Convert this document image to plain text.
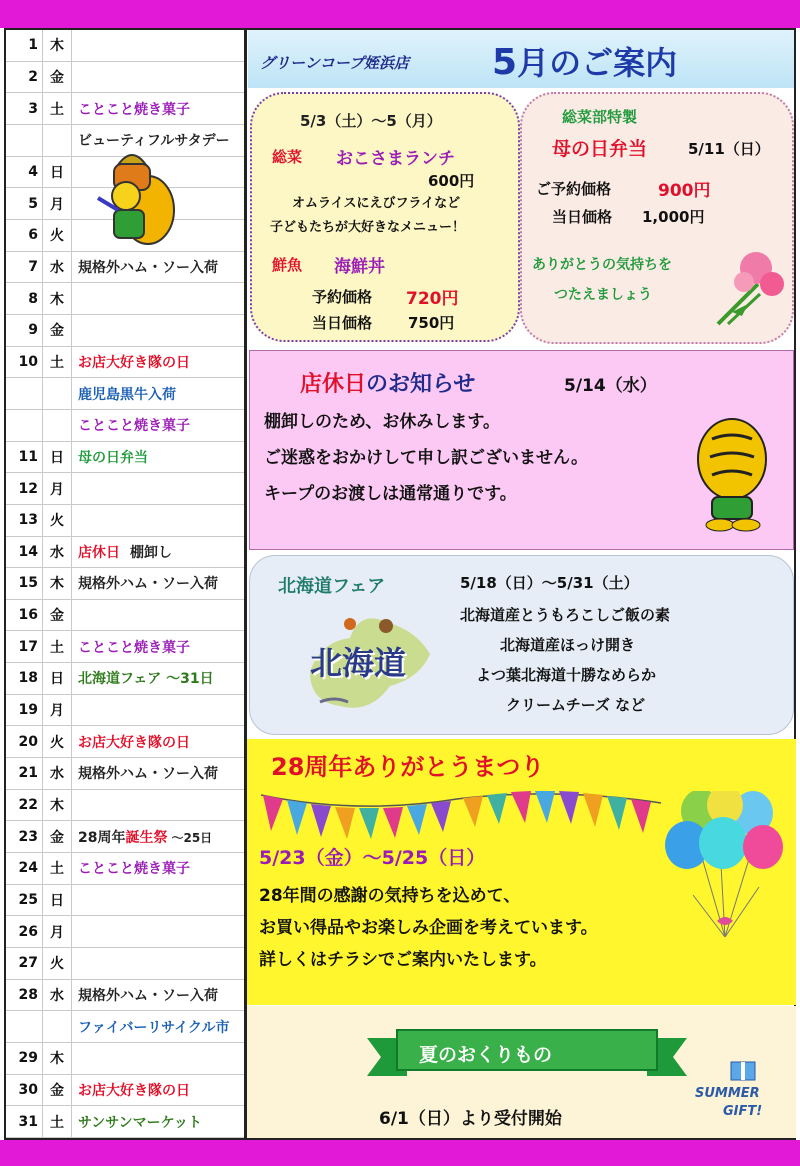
1 木
2 金
3 土	ことこと焼き菓子
ビューティフルサタデー
4 日
5 月
6 火
7 水	規格外ハム・ソー入荷
8 木
9 金
10 土	お店大好き隊の日
鹿児島黒牛入荷
ことこと焼き菓子
11 日	母の日弁当
12 月
13 火
14 水	店休日 棚卸し
15 木	規格外ハム・ソー入荷
16 金
17 土	ことこと焼き菓子
18 日	北海道フェア ～31日
19 月
20 火	お店大好き隊の日
21 水	規格外ハム・ソー入荷
22 木
23 金	28周年誕生祭 ～25日
24 土	ことこと焼き菓子
25 日
26 月
27 火
28 水	規格外ハム・ソー入荷
ファイバーリサイクル市
29 木
30 金	お店大好き隊の日
31 土	サンサンマーケット
グリーンコープ姪浜店 5月のご案内
5/3（土）～5（月）
総菜 おこさまランチ
600円
オムライスにえびフライなど
子どもたちが大好きなメニュー！
鮮魚 海鮮丼
予約価格 720円
当日価格 750円
総菜部特製
母の日弁当	5/11（日）
ご予約価格	900円
当日価格 1,000円
ありがとうの気持ちを
つたえましょう
店休日のお知らせ	5/14（水）
棚卸しのため、お休みします。
ご迷惑をおかけして申し訳ございません。
キープのお渡しは通常通りです。
北海道フェア	5/18（日）～5/31（土）
北海道産とうもろこしご飯の素
北海道産ほっけ開き
よつ葉北海道十勝なめらか
クリームチーズ など
北海道
28周年ありがとうまつり
5/23（金）～5/25（日）
28年間の感謝の気持ちを込めて、
お買い得品やお楽しみ企画を考えています。
詳しくはチラシでご案内いたします。
夏のおくりもの
6/1（日）より受付開始
SUMMER
GIFT!
